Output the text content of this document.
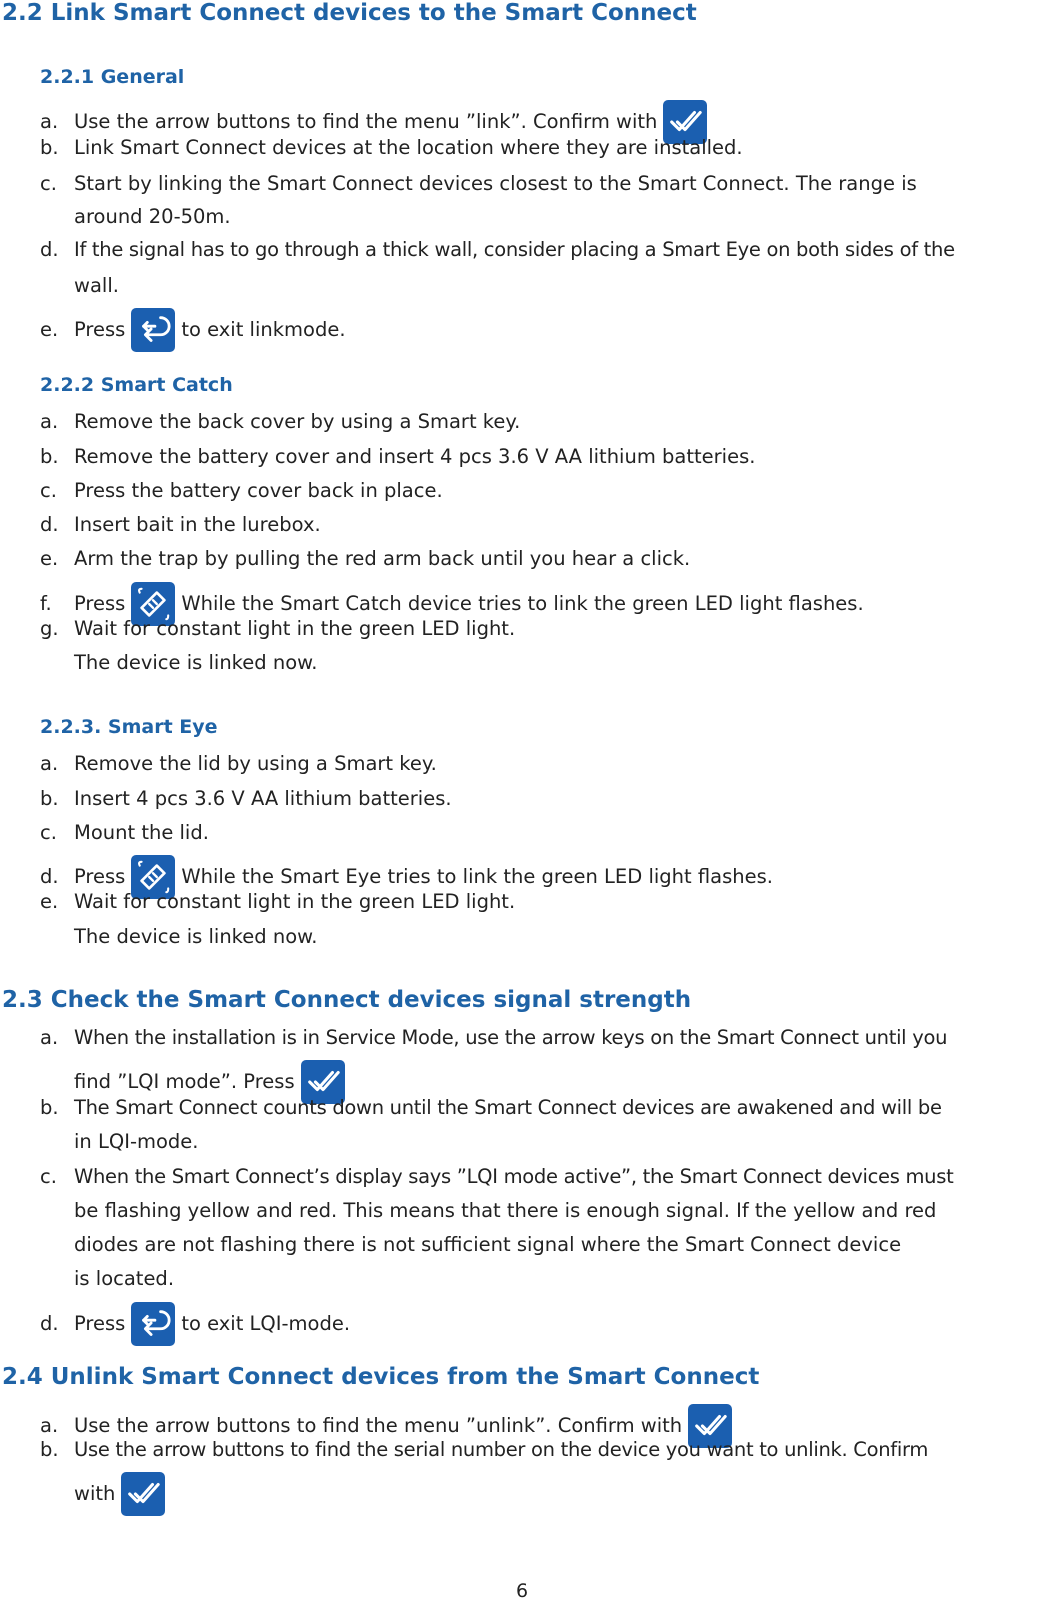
2.2 Link Smart Connect devices to the Smart Connect
2.2.1 General
a. Use the arrow buttons to find the menu ”link”. Confirm with
b. Link Smart Connect devices at the location where they are installed.
c. Start by linking the Smart Connect devices closest to the Smart Connect. The range is
around 20-50m.
d. If the signal has to go through a thick wall, consider placing a Smart Eye on both sides of the
wall.
e. Press	to exit linkmode.
2.2.2 Smart Catch
a. Remove the back cover by using a Smart key.
b. Remove the battery cover and insert 4 pcs 3.6 V AA lithium batteries.
c. Press the battery cover back in place.
d. Insert bait in the lurebox.
e. Arm the trap by pulling the red arm back until you hear a click.
f.	Press	While the Smart Catch device tries to link the green LED light flashes.
g. Wait for constant light in the green LED light.
The device is linked now.
2.2.3. Smart Eye
a. Remove the lid by using a Smart key.
b. Insert 4 pcs 3.6 V AA lithium batteries.
c. Mount the lid.
d. Press	While the Smart Eye tries to link the green LED light flashes.
e. Wait for constant light in the green LED light.
The device is linked now.
2.3 Check the Smart Connect devices signal strength
a. When the installation is in Service Mode, use the arrow keys on the Smart Connect until you
find ”LQI mode”. Press
b. The Smart Connect counts down until the Smart Connect devices are awakened and will be
in LQI-mode.
c. When the Smart Connect’s display says ”LQI mode active”, the Smart Connect devices must
be flashing yellow and red. This means that there is enough signal. If the yellow and red
diodes are not flashing there is not sufficient signal where the Smart Connect device
is located.
d. Press	to exit LQI-mode.
2.4 Unlink Smart Connect devices from the Smart Connect
a. Use the arrow buttons to find the menu ”unlink”. Confirm with
b. Use the arrow buttons to find the serial number on the device you want to unlink. Confirm
with
6
